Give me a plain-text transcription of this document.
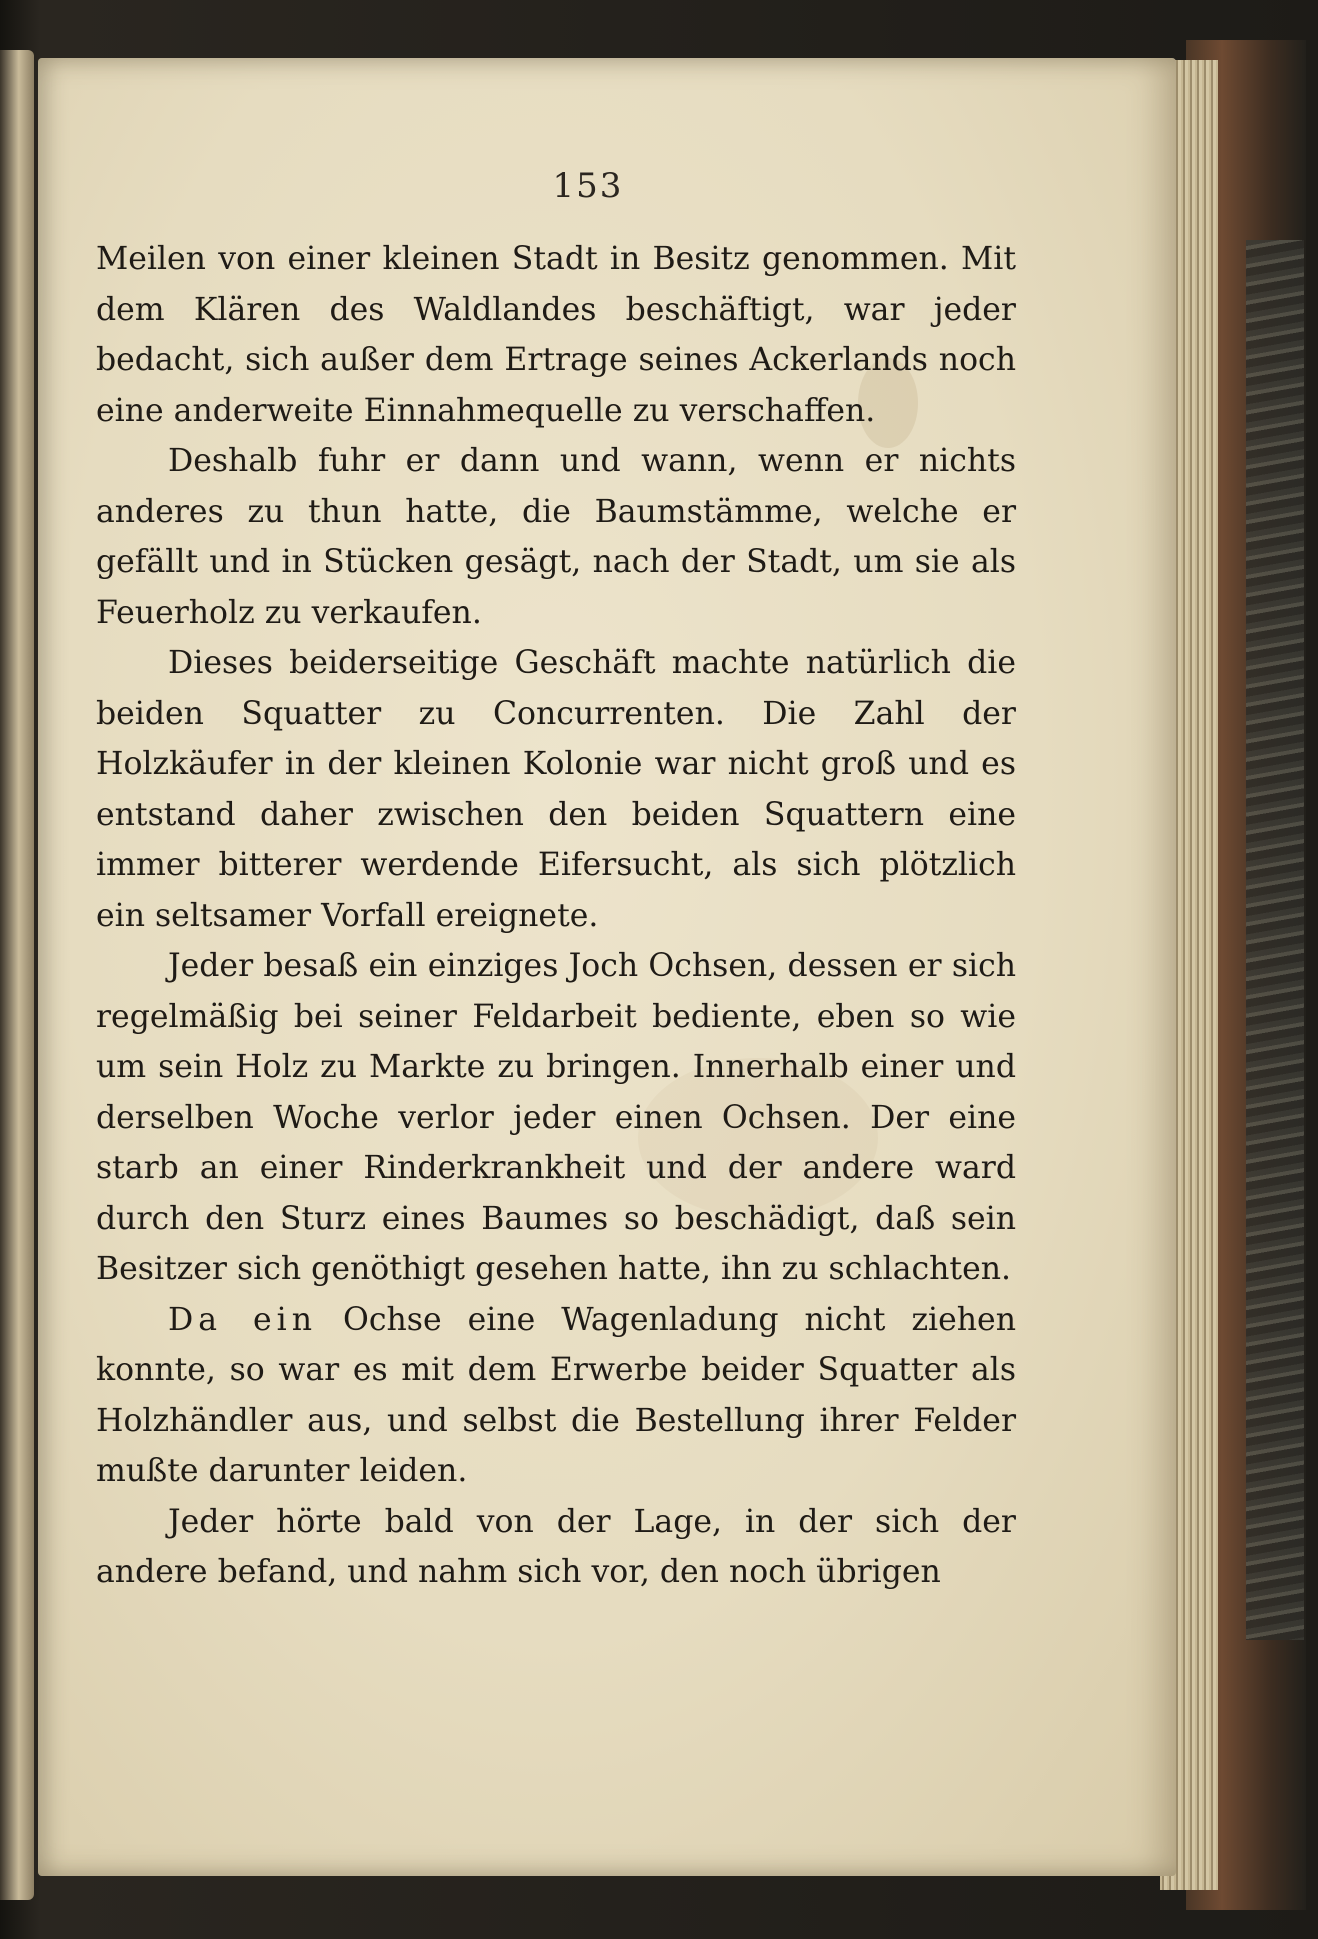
153

Meilen von einer kleinen Stadt in Besitz genommen. Mit dem Klären des Waldlandes beschäftigt, war jeder bedacht, sich außer dem Ertrage seines Ackerlands noch eine anderweite Einnahmequelle zu verschaffen.

Deshalb fuhr er dann und wann, wenn er nichts anderes zu thun hatte, die Baumstämme, welche er gefällt und in Stücken gesägt, nach der Stadt, um sie als Feuerholz zu verkaufen.

Dieses beiderseitige Geschäft machte natürlich die beiden Squatter zu Concurrenten. Die Zahl der Holzkäufer in der kleinen Kolonie war nicht groß und es entstand daher zwischen den beiden Squattern eine immer bitterer werdende Eifersucht, als sich plötzlich ein seltsamer Vorfall ereignete.

Jeder besaß ein einziges Joch Ochsen, dessen er sich regelmäßig bei seiner Feldarbeit bediente, eben so wie um sein Holz zu Markte zu bringen. Innerhalb einer und derselben Woche verlor jeder einen Ochsen. Der eine starb an einer Rinderkrankheit und der andere ward durch den Sturz eines Baumes so beschädigt, daß sein Besitzer sich genöthigt gesehen hatte, ihn zu schlachten.

Da ein Ochse eine Wagenladung nicht ziehen konnte, so war es mit dem Erwerbe beider Squatter als Holzhändler aus, und selbst die Bestellung ihrer Felder mußte darunter leiden.

Jeder hörte bald von der Lage, in der sich der andere befand, und nahm sich vor, den noch übrigen
